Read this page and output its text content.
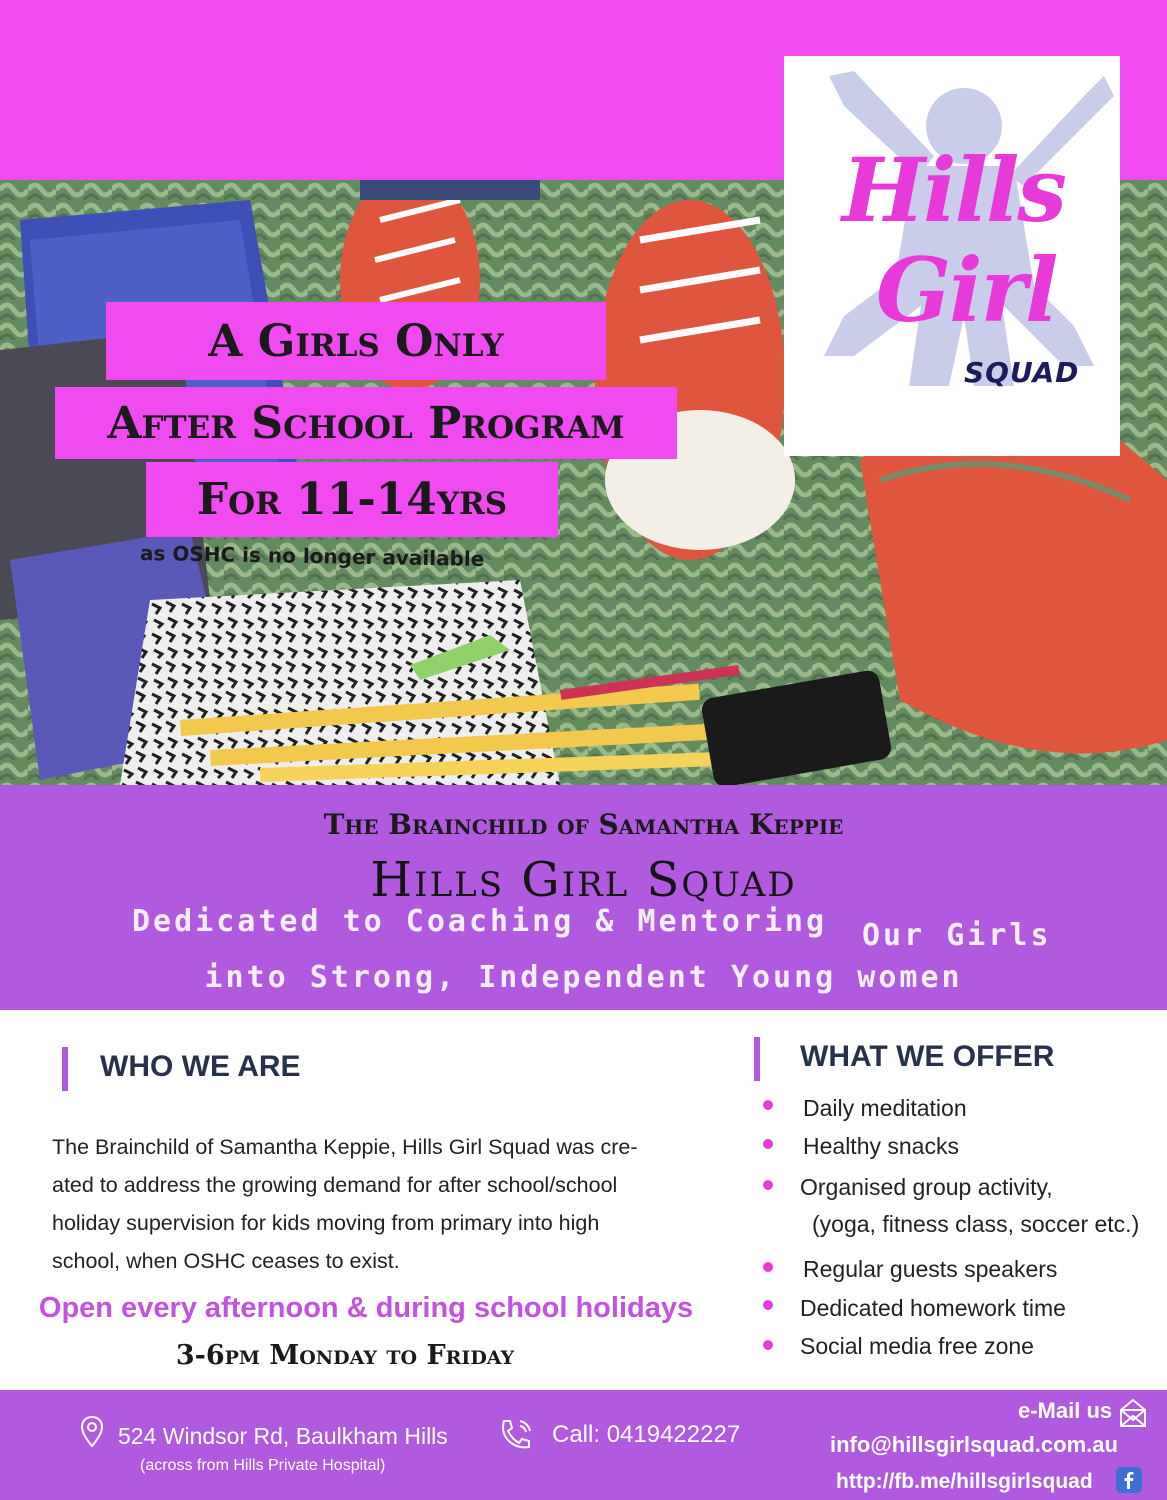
Hills
Girl
SQUAD
A Girls Only
After School Program
For 11-14yrs
as OSHC is no longer available
The Brainchild of Samantha Keppie
Hills Girl Squad
Dedicated to Coaching & Mentoring Our Girls
into Strong, Independent Young women
WHO WE ARE
The Brainchild of Samantha Keppie, Hills Girl Squad was cre-
ated to address the growing demand for after school/school
holiday supervision for kids moving from primary into high
school, when OSHC ceases to exist.
Open every afternoon & during school holidays
3-6pm Monday to Friday
WHAT WE OFFER
Daily meditation
Healthy snacks
Organised group activity,
(yoga, fitness class, soccer etc.)
Regular guests speakers
Dedicated homework time
Social media free zone
524 Windsor Rd, Baulkham Hills
(across from Hills Private Hospital)
Call: 0419422227
e-Mail us
info@hillsgirlsquad.com.au
http://fb.me/hillsgirlsquad
